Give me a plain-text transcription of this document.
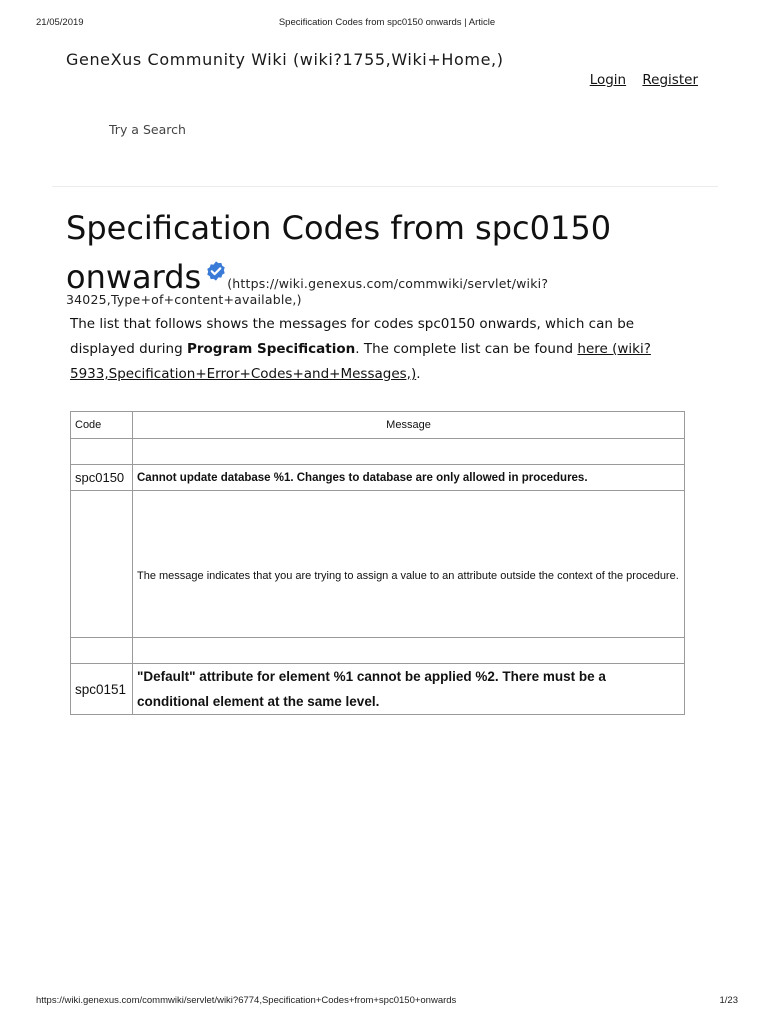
21/05/2019	Specification Codes from spc0150 onwards | Article
GeneXus Community Wiki (wiki?1755,Wiki+Home,)
Login Register
Try a Search
Specification Codes from spc0150
onwards (https://wiki.genexus.com/commwiki/servlet/wiki?
34025,Type+of+content+available,)
The list that follows shows the messages for codes spc0150 onwards, which can be displayed during Program Specification. The complete list can be found here (wiki?5933,Specification+Error+Codes+and+Messages,).
Code	Message

spc0150	Cannot update database %1. Changes to database are only allowed in procedures.

	The message indicates that you are trying to assign a value to an attribute outside the context of the procedure.

spc0151	"Default" attribute for element %1 cannot be applied %2. There must be a conditional element at the same level.
https://wiki.genexus.com/commwiki/servlet/wiki?6774,Specification+Codes+from+spc0150+onwards	1/23
